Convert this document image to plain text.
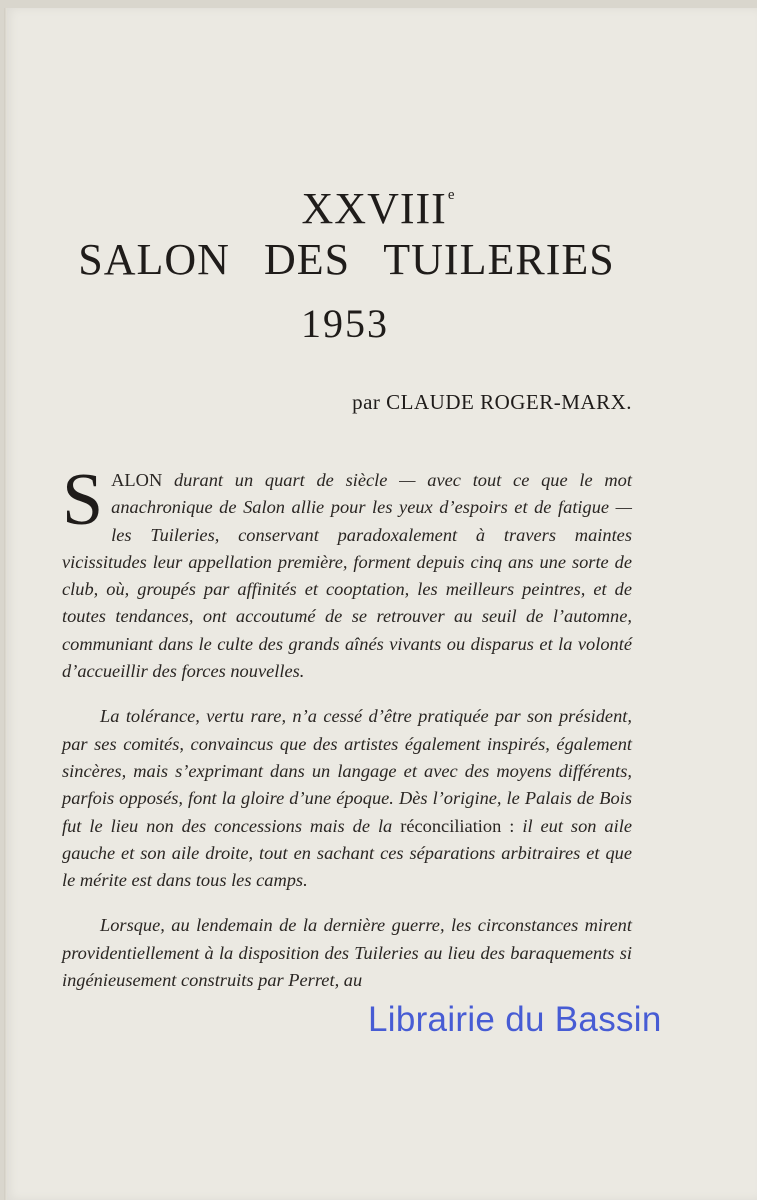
XXVIIIe
SALON DES TUILERIES
1953
par CLAUDE ROGER-MARX.

SALON durant un quart de siècle — avec tout ce que le mot anachronique de Salon allie pour les yeux d’espoirs et de fatigue — les Tuileries, conservant paradoxalement à travers maintes vicissitudes leur appellation première, forment depuis cinq ans une sorte de club, où, groupés par affinités et cooptation, les meilleurs peintres, et de toutes tendances, ont accoutumé de se retrouver au seuil de l’automne, communiant dans le culte des grands aînés vivants ou disparus et la volonté d’accueillir des forces nouvelles.

La tolérance, vertu rare, n’a cessé d’être pratiquée par son président, par ses comités, convaincus que des artistes également inspirés, également sincères, mais s’exprimant dans un langage et avec des moyens différents, parfois opposés, font la gloire d’une époque. Dès l’origine, le Palais de Bois fut le lieu non des concessions mais de la réconciliation : il eut son aile gauche et son aile droite, tout en sachant ces séparations arbitraires et que le mérite est dans tous les camps.

Lorsque, au lendemain de la dernière guerre, les circonstances mirent providentiellement à la disposition des Tuileries au lieu des baraquements si ingénieusement construits par Perret, au

Librairie du Bassin
